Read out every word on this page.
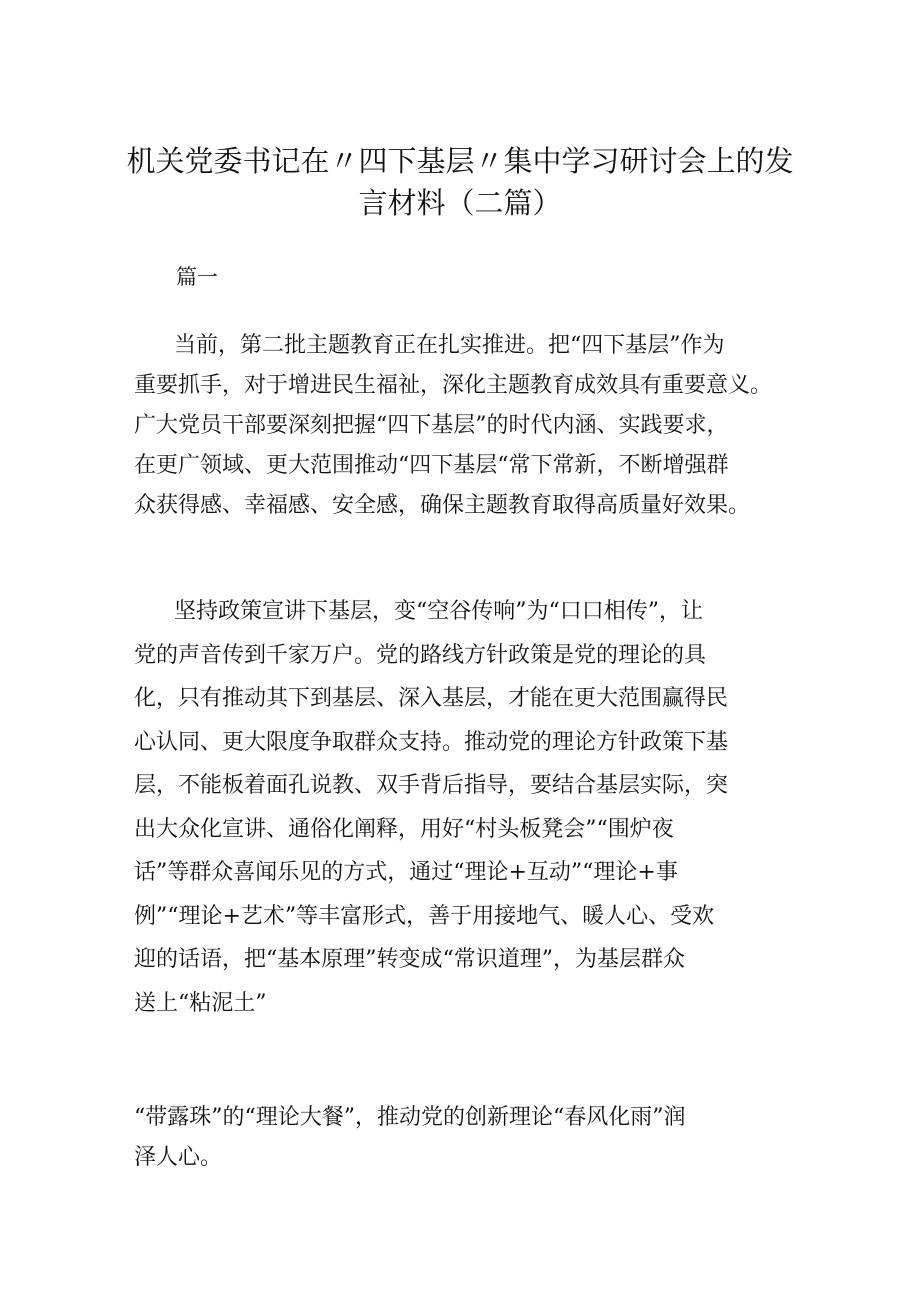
机关党委书记在〃四下基层〃集中学习研讨会上的发
言材料（二篇）
篇一
当前，第二批主题教育正在扎实推进。把“四下基层”作为
重要抓手，对于增进民生福祉，深化主题教育成效具有重要意义。
广大党员干部要深刻把握“四下基层”的时代内涵、实践要求，
在更广领域、更大范围推动“四下基层“常下常新，不断增强群
众获得感、幸福感、安全感，确保主题教育取得高质量好效果。
坚持政策宣讲下基层，变“空谷传响”为“口口相传”，让
党的声音传到千家万户。党的路线方针政策是党的理论的具
化，只有推动其下到基层、深入基层，才能在更大范围赢得民
心认同、更大限度争取群众支持。推动党的理论方针政策下基
层，不能板着面孔说教、双手背后指导，要结合基层实际，突
出大众化宣讲、通俗化阐释，用好“村头板凳会”“围炉夜
话”等群众喜闻乐见的方式，通过“理论+互动”“理论+事
例”“理论+艺术”等丰富形式，善于用接地气、暖人心、受欢
迎的话语，把“基本原理”转变成“常识道理”，为基层群众
送上“粘泥土”
“带露珠”的“理论大餐”，推动党的创新理论“春风化雨”润
泽人心。
